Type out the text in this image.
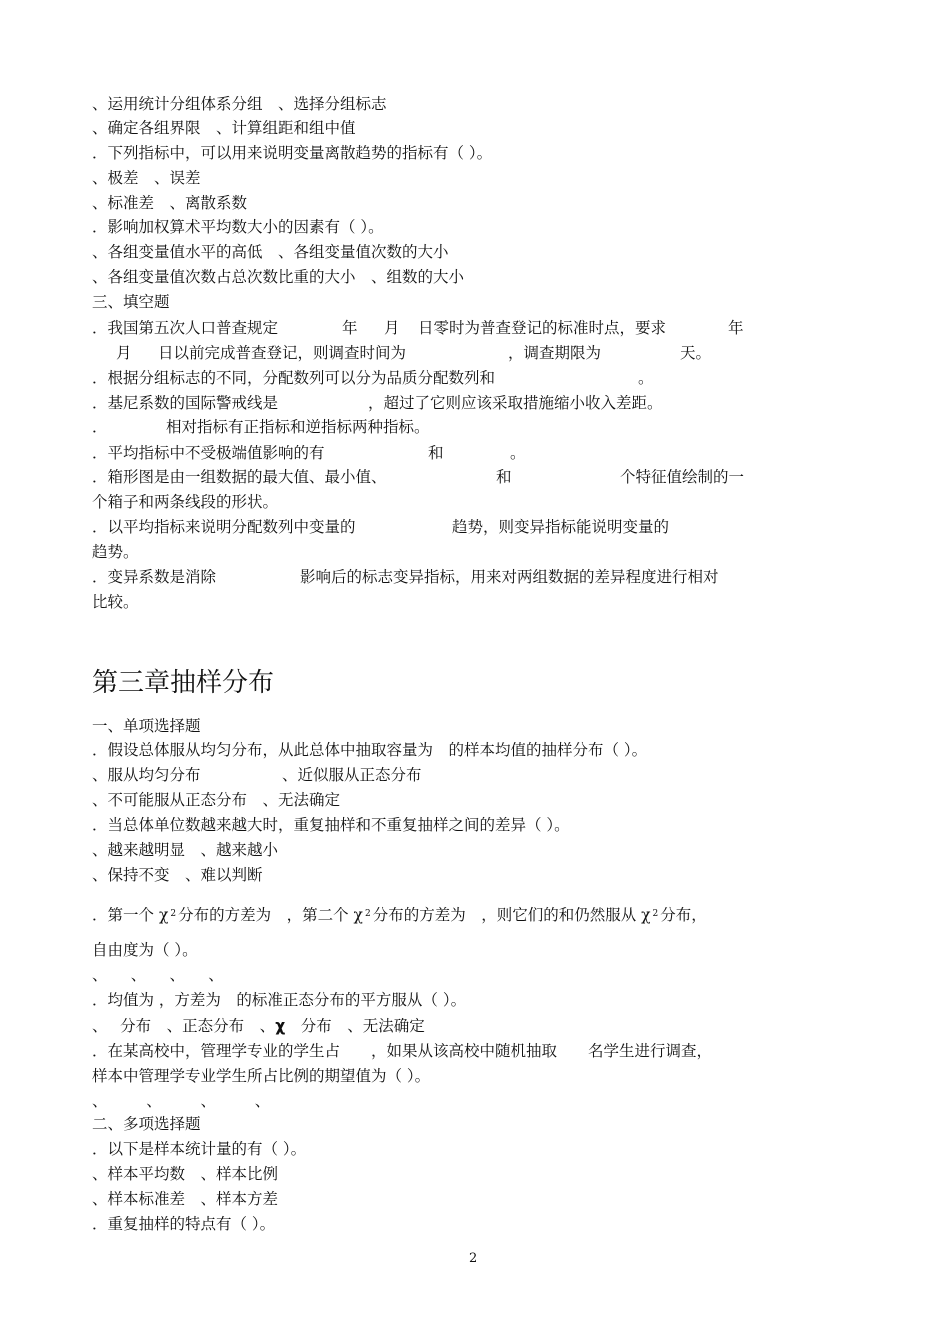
、运用统计分组体系分组　、选择分组标志
、确定各组界限　、计算组距和组中值
．下列指标中，可以用来说明变量离散趋势的指标有（ ）。
、极差　、误差
、标准差　、离散系数
．影响加权算术平均数大小的因素有（ ）。
、各组变量值水平的高低　、各组变量值次数的大小
、各组变量值次数占总次数比重的大小　、组数的大小
三、填空题

．我国第五次人口普查规定

	年

月

日零时为普查登记的标准时点，要求

	年

月

日以前完成普查登记，则调查时间为

	，调查期限为

	天。

．根据分组标志的不同，分配数列可以分为品质分配数列和

	。

．基尼系数的国际警戒线是

	，超过了它则应该采取措施缩小收入差距。

．

	相对指标有正指标和逆指标两种指标。

．平均指标中不受极端值影响的有

	和

	。

．箱形图是由一组数据的最大值、最小值、

	和

	个特征值绘制的一

个箱子和两条线段的形状。

．以平均指标来说明分配数列中变量的

	趋势，则变异指标能说明变量的

趋势。

．变异系数是消除

	影响后的标志变异指标，用来对两组数据的差异程度进行相对

比较。
第三章抽样分布
一、单项选择题
．假设总体服从均匀分布，从此总体中抽取容量为　的样本均值的抽样分布（ ）。

、服从均匀分布

	、近似服从正态分布

、不可能服从正态分布　、无法确定
．当总体单位数越来越大时，重复抽样和不重复抽样之间的差异（ ）。
、越来越明显　、越来越小
、保持不变　、难以判断
．第一个 χ $^2$ 分布的方差为　，第二个 χ $^2$ 分布的方差为　，则它们的和仍然服从 χ $^2$ 分布，
自由度为（ ）。
、　　、　　、　　、
．均值为 ，方差为　的标准正态分布的平方服从（ ）。
、　 分布　、正态分布　、χ　分布　、无法确定
．在某高校中，管理学专业的学生占　　，如果从该高校中随机抽取　　名学生进行调查，
样本中管理学专业学生所占比例的期望值为（ ）。
、　　　、　　　、　　　、
二、多项选择题
．以下是样本统计量的有（ ）。
、样本平均数　、样本比例
、样本标准差　、样本方差
．重复抽样的特点有（ ）。
2
